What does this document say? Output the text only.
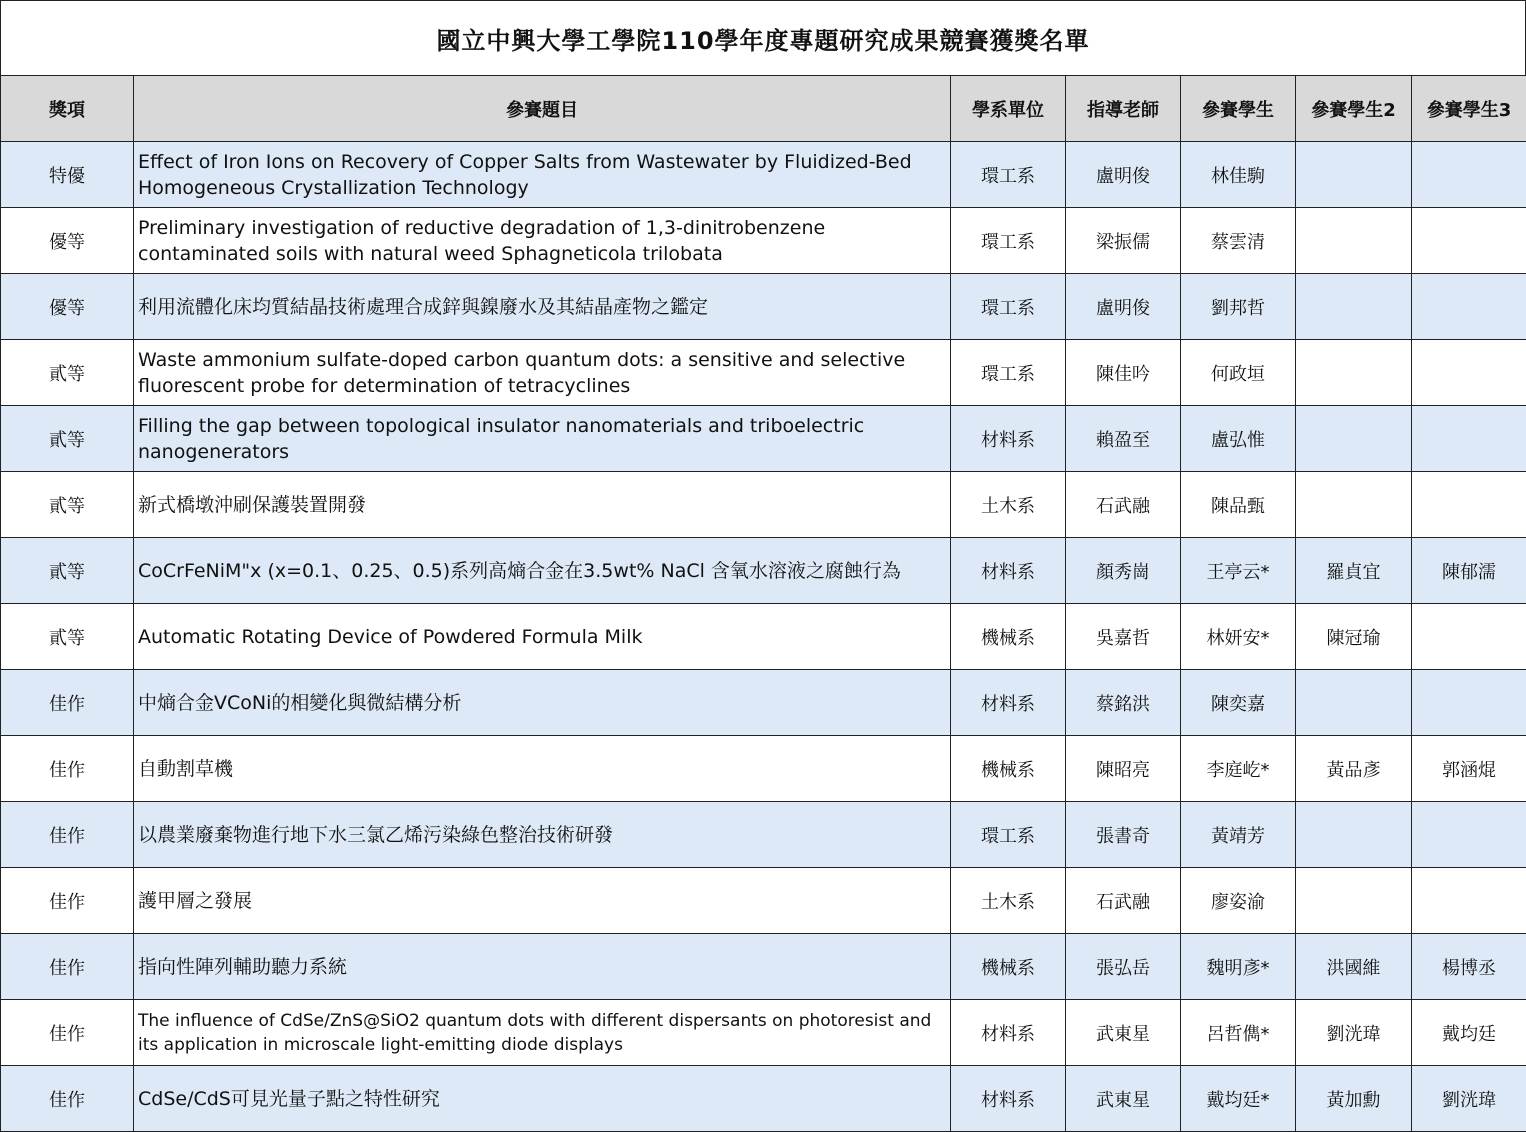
國立中興大學工學院110學年度專題研究成果競賽獲獎名單
獎項	參賽題目	學系單位	指導老師	參賽學生	參賽學生2	參賽學生3
特優	Effect of Iron Ions on Recovery of Copper Salts from Wastewater by Fluidized-Bed Homogeneous Crystallization Technology	環工系	盧明俊	林佳駒		
優等	Preliminary investigation of reductive degradation of 1,3-dinitrobenzene contaminated soils with natural weed Sphagneticola trilobata	環工系	梁振儒	蔡雲清		
優等	利用流體化床均質結晶技術處理合成鋅與鎳廢水及其結晶產物之鑑定	環工系	盧明俊	劉邦哲		
貳等	Waste ammonium sulfate-doped carbon quantum dots: a sensitive and selective fluorescent probe for determination of tetracyclines	環工系	陳佳吟	何政垣		
貳等	Filling the gap between topological insulator nanomaterials and triboelectric nanogenerators	材料系	賴盈至	盧弘惟		
貳等	新式橋墩沖刷保護裝置開發	土木系	石武融	陳品甄		
貳等	CoCrFeNiM"x (x=0.1、0.25、0.5)系列高熵合金在3.5wt% NaCl 含氧水溶液之腐蝕行為	材料系	顏秀崗	王亭云*	羅貞宜	陳郁濡
貳等	Automatic Rotating Device of Powdered Formula Milk	機械系	吳嘉哲	林妍安*	陳冠瑜	
佳作	中熵合金VCoNi的相變化與微結構分析	材料系	蔡銘洪	陳奕嘉		
佳作	自動割草機	機械系	陳昭亮	李庭屹*	黃品彥	郭涵焜
佳作	以農業廢棄物進行地下水三氯乙烯污染綠色整治技術研發	環工系	張書奇	黃靖芳		
佳作	護甲層之發展	土木系	石武融	廖姿渝		
佳作	指向性陣列輔助聽力系統	機械系	張弘岳	魏明彥*	洪國維	楊博丞
佳作	The influence of CdSe/ZnS@SiO2 quantum dots with different dispersants on photoresist and its application in microscale light-emitting diode displays	材料系	武東星	呂哲儁*	劉洸瑋	戴均廷
佳作	CdSe/CdS可見光量子點之特性研究	材料系	武東星	戴均廷*	黃加勳	劉洸瑋
